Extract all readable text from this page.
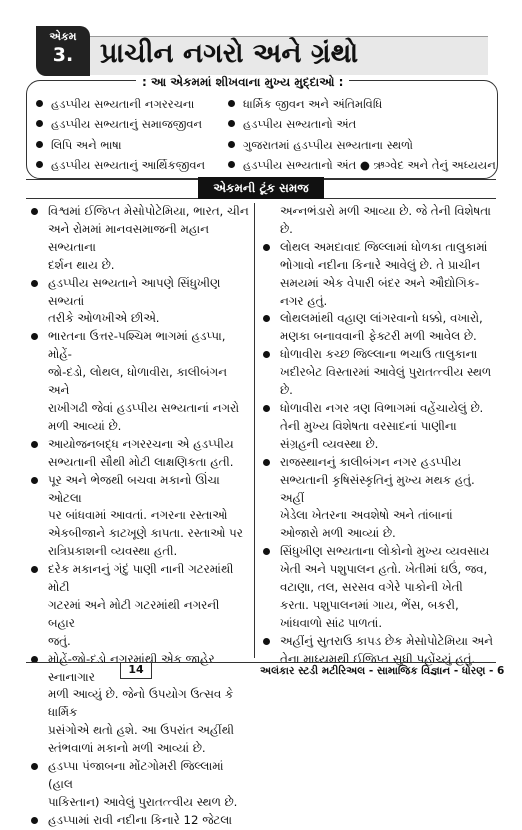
એકમ
3. પ્રાચીન નગરો અને ગ્રંથો
: આ એકમમાં શીખવાના મુખ્ય મુદ્દાઓ :
હડપ્પીય સભ્યતાની નગરરચના
હડપ્પીય સભ્યતાનું સમાજજીવન
લિપિ અને ભાષા
હડપ્પીય સભ્યતાનું આર્થિકજીવન
ધાર્મિક જીવન અને અંતિમવિધિ
હડપ્પીય સભ્યતાનો અંત
ગુજરાતમાં હડપ્પીય સભ્યતાના સ્થળો
હડપ્પીય સભ્યતાનો અંત ● ઋગ્વેદ અને તેનું અધ્યયન
એકમની ટૂંક સમજ
વિશ્વમાં ઈજિપ્ત મેસોપોટેમિયા, ભારત, ચીન
અને રોમમાં માનવસમાજની મહાન સભ્યતાના
દર્શન થાય છે.
હડપ્પીય સભ્યતાને આપણે સિંધુખીણ સભ્યતાં
તરીકે ઓળખીએ છીએ.
ભારતના ઉત્તર-પશ્ચિમ ભાગમાં હડપ્પા, મોહેં-
જો-દડો, લોથલ, ધોળાવીરા, કાલીબંગન અને
રાખીગઢી જેવાં હડપ્પીય સભ્યતાનાં નગરો
મળી આવ્યાં છે.
આયોજનબદ્ધ નગરરચના એ હડપ્પીય
સભ્યતાની સૌથી મોટી લાક્ષણિકતા હતી.
પૂર અને ભેજથી બચવા મકાનો ઊંચા ઓટલા
પર બાંધવામાં આવતાં. નગરના રસ્તાઓ
એકબીજાને કાટખૂણે કાપતા. રસ્તાઓ પર
રાત્રિપ્રકાશની વ્યવસ્થા હતી.
દરેક મકાનનું ગંદું પાણી નાની ગટરમાંથી મોટી
ગટરમાં અને મોટી ગટરમાંથી નગરની બહાર
જતું.
મોહેં-જો-દડો નગરમાંથી એક જાહેર સ્નાનાગાર
મળી આવ્યું છે. જેનો ઉપયોગ ઉત્સવ કે ધાર્મિક
પ્રસંગોએ થતો હશે. આ ઉપરાંત અહીંથી
સ્તંભવાળાં મકાનો મળી આવ્યાં છે.
હડપ્પા પંજાબના મોંટગોમરી જિલ્લામાં (હાલ
પાકિસ્તાન) આવેલું પુરાતત્ત્વીય સ્થળ છે.
હડપ્પામાં રાવી નદીના કિનારે 12 જેટલા
અન્નભંડારો મળી આવ્યા છે. જે તેની વિશેષતા
છે.
લોથલ અમદાવાદ જિલ્લામાં ધોળકા તાલુકામાં
ભોગાવો નદીના કિનારે આવેલું છે. તે પ્રાચીન
સમયમાં એક વેપારી બંદર અને ઔદ્યોગિક-
નગર હતું.
લોથલમાંથી વહાણ લાંગરવાનો ધક્કો, વખારો,
મણકા બનાવવાની ફેક્ટરી મળી આવેલ છે.
ધોળાવીરા કચ્છ જિલ્લાના ભચાઉ તાલુકાના
ખદીરબેટ વિસ્તારમાં આવેલું પુરાતત્ત્વીય સ્થળ
છે.
ધોળાવીરા નગર ત્રણ વિભાગમાં વહેંચાયેલું છે.
તેની મુખ્ય વિશેષતા વરસાદનાં પાણીના
સંગ્રહની વ્યવસ્થા છે.
રાજસ્થાનનું કાલીબંગન નગર હડપ્પીય
સભ્યતાની કૃષિસંસ્કૃતિનું મુખ્ય મથક હતું. અહીં
ખેડેલા ખેતરના અવશેષો અને તાંબાનાં
ઓજારો મળી આવ્યાં છે.
સિંધુખીણ સભ્યતાના લોકોનો મુખ્ય વ્યવસાય
ખેતી અને પશુપાલન હતો. ખેતીમાં ઘઉં, જવ,
વટાણા, તલ, સરસવ વગેરે પાકોની ખેતી
કરતા. પશુપાલનમાં ગાય, ભેંસ, બકરી,
ખાંધવાળો સાંઢ પાળતાં.
અહીંનું સુતરાઉ કાપડ છેક મેસોપોટેમિયા અને
તેના માધ્યમથી ઈજિપ્ત સુધી પહોંચ્યું હતું.
14	અલંકાર સ્ટડી મટીરિઅલ - સામાજિક વિજ્ઞાન - ધોરણ - 6
